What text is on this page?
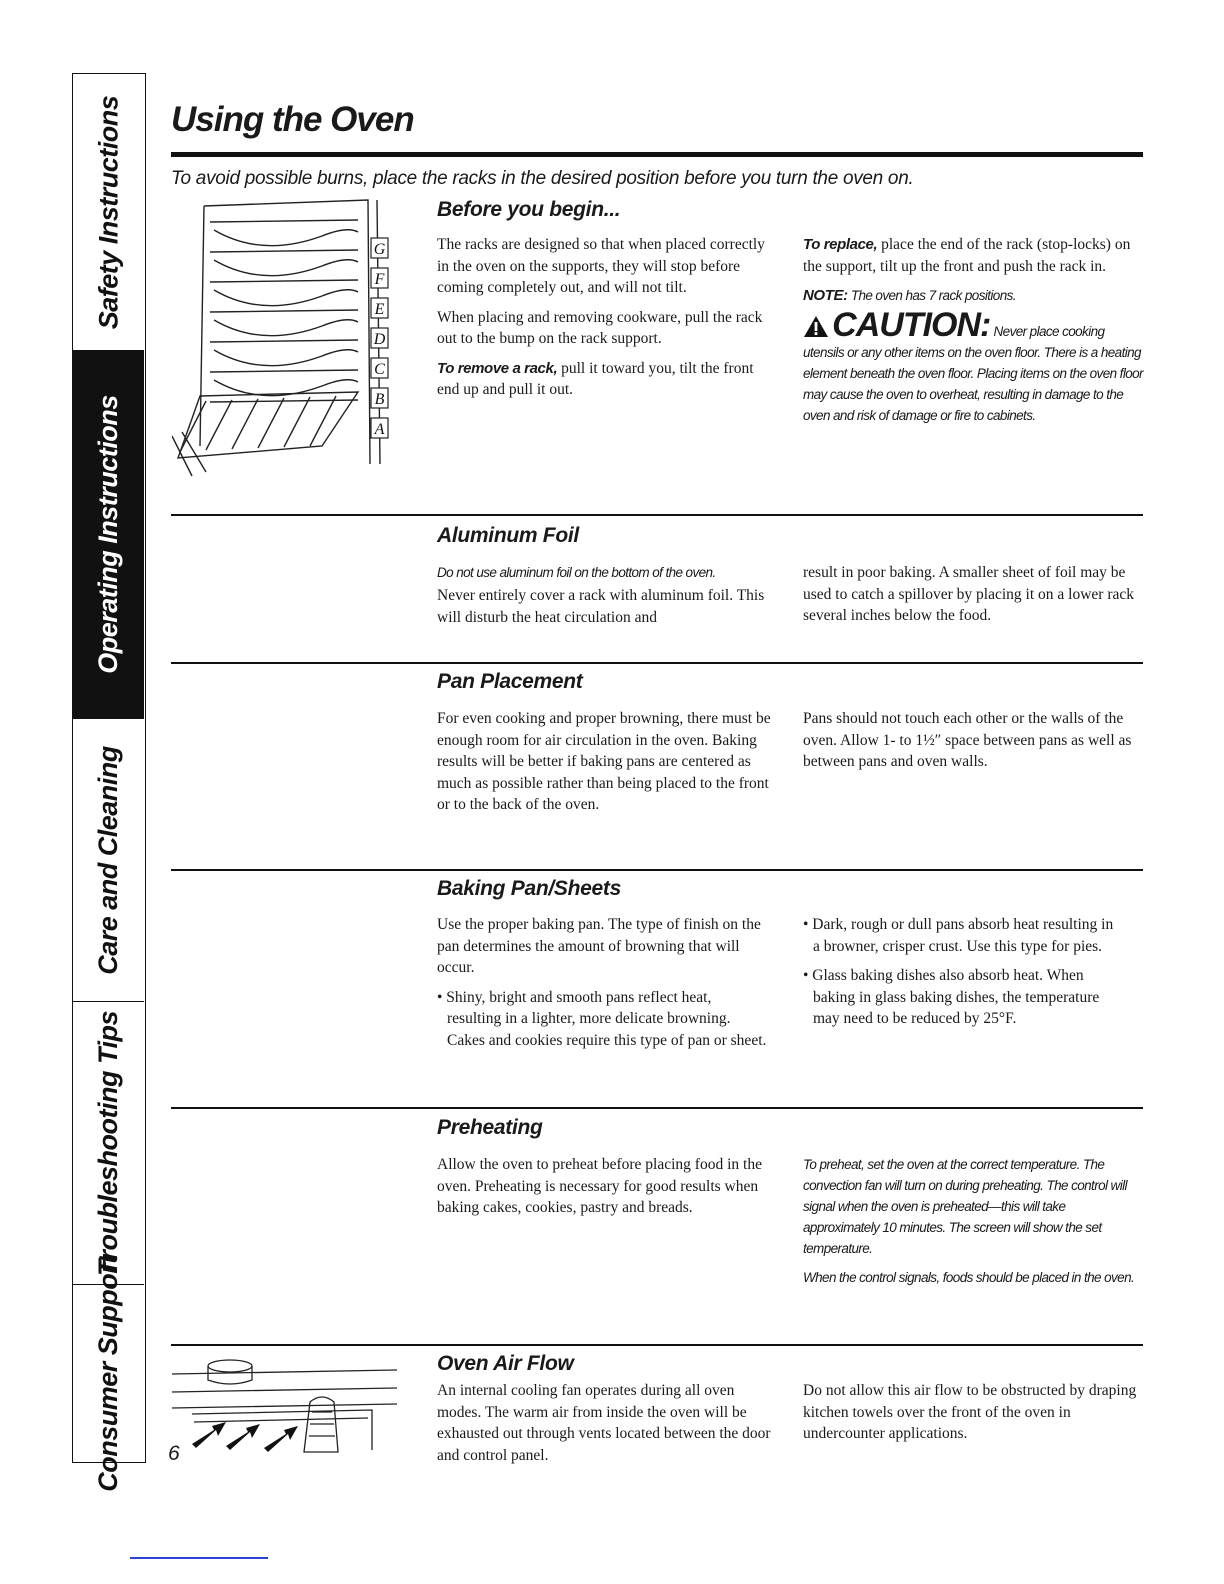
Safety Instructions
Operating Instructions
Care and Cleaning
Troubleshooting Tips
Consumer Support
Using the Oven

To avoid possible burns, place the racks in the desired position before you turn the oven on.

G
F
E
D
C
B
A
Before you begin...

The racks are designed so that when placed correctly in the oven on the supports, they will stop before coming completely out, and will not tilt.

When placing and removing cookware, pull the rack out to the bump on the rack support.

To remove a rack, pull it toward you, tilt the front end up and pull it out.

To replace, place the end of the rack (stop-locks) on the support, tilt up the front and push the rack in.

NOTE: The oven has 7 rack positions.

CAUTION: Never place cooking utensils or any other items on the oven floor. There is a heating element beneath the oven floor. Placing items on the oven floor may cause the oven to overheat, resulting in damage to the oven and risk of damage or fire to cabinets.

Aluminum Foil

Do not use aluminum foil on the bottom of the oven.

Never entirely cover a rack with aluminum foil. This will disturb the heat circulation and

result in poor baking. A smaller sheet of foil may be used to catch a spillover by placing it on a lower rack several inches below the food.

Pan Placement

For even cooking and proper browning, there must be enough room for air circulation in the oven. Baking results will be better if baking pans are centered as much as possible rather than being placed to the front or to the back of the oven.

Pans should not touch each other or the walls of the oven. Allow 1- to 1½″ space between pans as well as between pans and oven walls.

Baking Pan/Sheets

Use the proper baking pan. The type of finish on the pan determines the amount of browning that will occur.

• Shiny, bright and smooth pans reflect heat, resulting in a lighter, more delicate browning. Cakes and cookies require this type of pan or sheet.

• Dark, rough or dull pans absorb heat resulting in a browner, crisper crust. Use this type for pies.

• Glass baking dishes also absorb heat. When baking in glass baking dishes, the temperature may need to be reduced by 25°F.

Preheating

Allow the oven to preheat before placing food in the oven. Preheating is necessary for good results when baking cakes, cookies, pastry and breads.

To preheat, set the oven at the correct temperature. The convection fan will turn on during preheating. The control will signal when the oven is preheated—this will take approximately 10 minutes. The screen will show the set temperature.

When the control signals, foods should be placed in the oven.

Oven Air Flow

An internal cooling fan operates during all oven modes. The warm air from inside the oven will be exhausted out through vents located between the door and control panel.

Do not allow this air flow to be obstructed by draping kitchen towels over the front of the oven in undercounter applications.

6
